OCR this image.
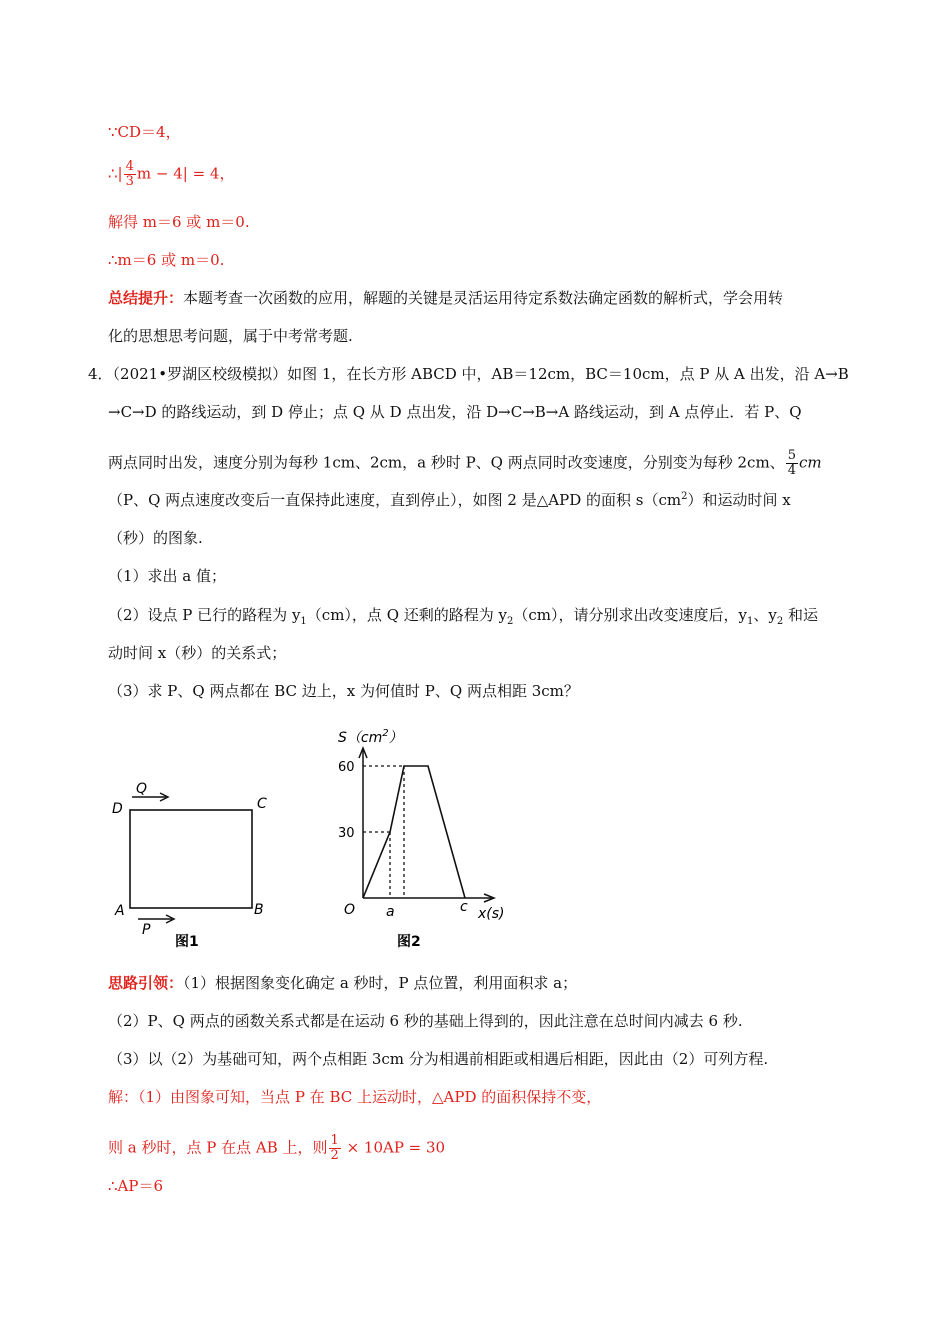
∵CD＝4，
∴| $\frac{4}{3}$ m − 4| = 4，
解得 m＝6 或 m＝0.
∴m＝6 或 m＝0.
总结提升：本题考查一次函数的应用，解题的关键是灵活运用待定系数法确定函数的解析式，学会用转
化的思想思考问题，属于中考常考题.
4．（2021•罗湖区校级模拟）如图 1，在长方形 ABCD 中，AB＝12cm，BC＝10cm，点 P 从 A 出发，沿 A→B
→C→D 的路线运动，到 D 停止；点 Q 从 D 点出发，沿 D→C→B→A 路线运动，到 A 点停止．若 P、Q
两点同时出发，速度分别为每秒 1cm、2cm，a 秒时 P、Q 两点同时改变速度，分别变为每秒 2cm、 $\frac{5}{4}$ cm
（P、Q 两点速度改变后一直保持此速度，直到停止），如图 2 是△APD 的面积 $s(cm^2)$和运动时间 x
（秒）的图象.
（1）求出 a 值；
（2）设点 P 已行的路程为 $y_1(cm)$，点 Q 还剩的路程为 $y_2(cm)$，请分别求出改变速度后，$y_1$、$y_2$ 和运
动时间 x（秒）的关系式；
（3）求 P、Q 两点都在 BC 边上，x 为何值时 P、Q 两点相距 3cm？
D	C
A	B
Q
P
图1
$S(cm^2)$
60
30
O a	c x(s)
图2
思路引领：（1）根据图象变化确定 a 秒时，P 点位置，利用面积求 a；
（2）P、Q 两点的函数关系式都是在运动 6 秒的基础上得到的，因此注意在总时间内减去 6 秒.
（3）以（2）为基础可知，两个点相距 3cm 分为相遇前相距或相遇后相距，因此由（2）可列方程.
解：（1）由图象可知，当点 P 在 BC 上运动时，△APD 的面积保持不变，
则 a 秒时，点 P 在点 AB 上，则 $\frac{1}{2} \times 10AP = 30$
∴AP＝6
